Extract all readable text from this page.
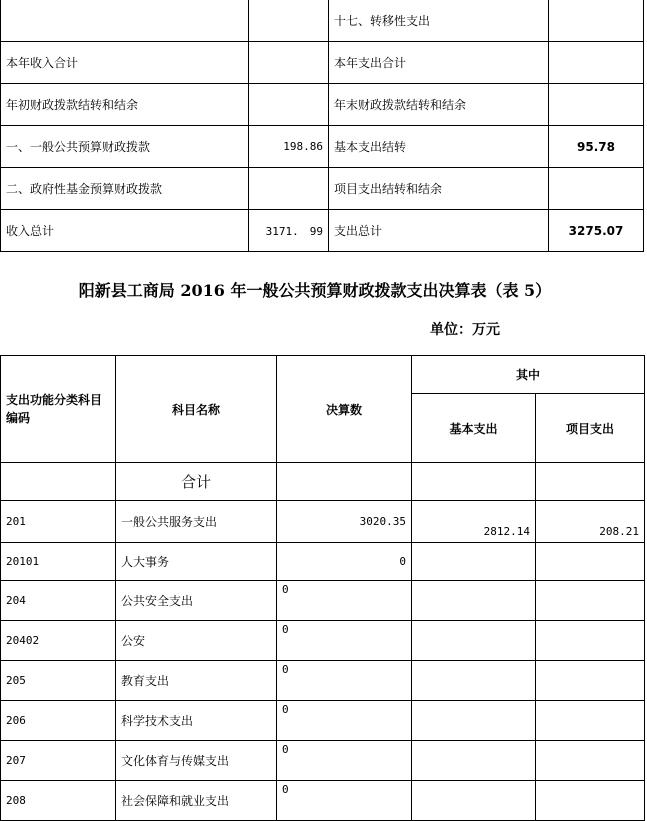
		十七、转移性支出	
本年收入合计		本年支出合计	
年初财政拨款结转和结余		年末财政拨款结转和结余	
一、一般公共预算财政拨款	198.86	基本支出结转	95.78
二、政府性基金预算财政拨款		项目支出结转和结余	
收入总计	3171.　99	支出总计	3275.07
阳新县工商局 2016 年一般公共预算财政拨款支出决算表（表 5）
单位：万元
支出功能分类科目编码	科目名称	决算数	其中	
			基本支出	项目支出
	合计			
201	一般公共服务支出	3020.35	2812.14	208.21
20101	人大事务	0		
204	公共安全支出	0		
20402	公安	0		
205	教育支出	0		
206	科学技术支出	0		
207	文化体育与传媒支出	0		
208	社会保障和就业支出	0		
